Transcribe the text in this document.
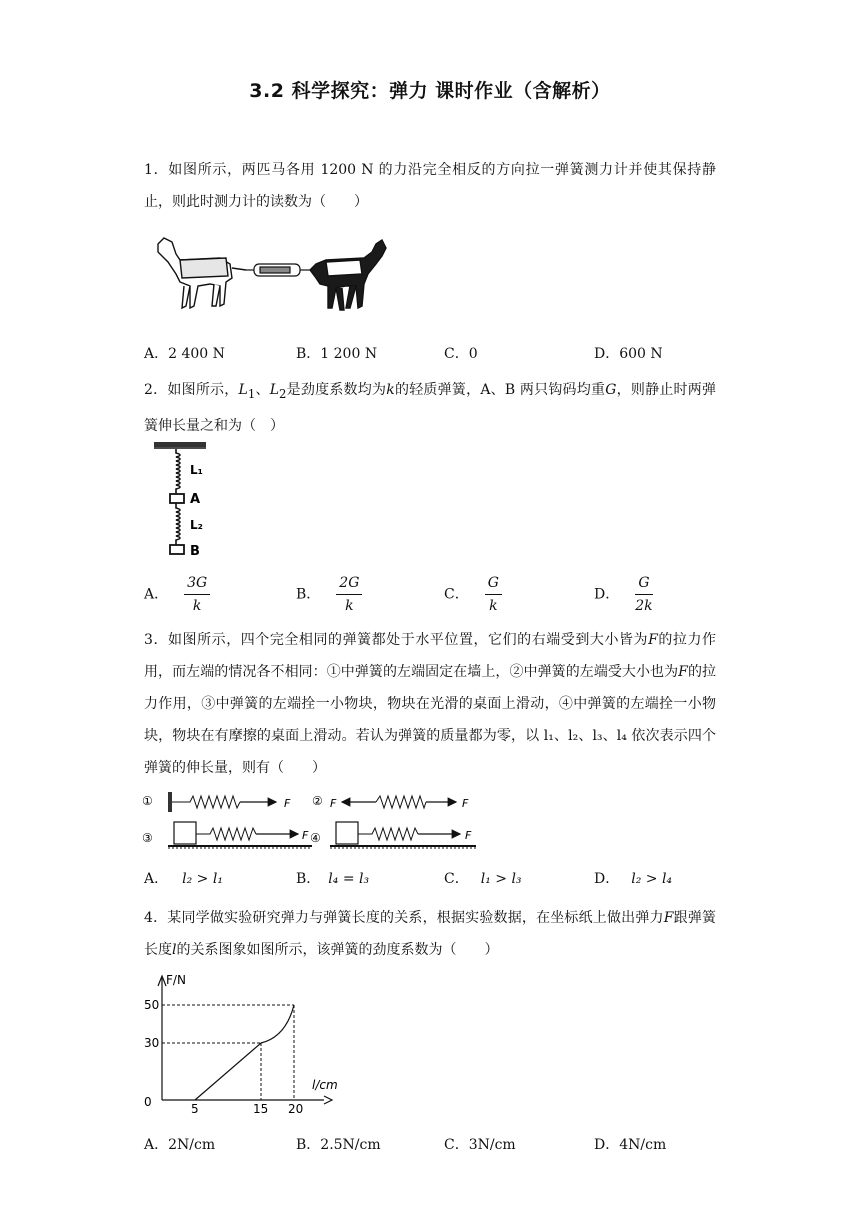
3.2 科学探究：弹力 课时作业（含解析）
1．如图所示，两匹马各用 1200 N 的力沿完全相反的方向拉一弹簧测力计并使其保持静止，则此时测力计的读数为（　　）
A．2 400 N	B．1 200 N	C．0	D．600 N
2．如图所示，$L_1$、$L_2$是劲度系数均为k的轻质弹簧，A、B 两只钩码均重G，则静止时两弹簧伸长量之和为（　）
L₁
A
L₂
B
A． $\frac{3G}{k}$	B． $\frac{2G}{k}$	C． $\frac{G}{k}$	D． $\frac{G}{2k}$
3．如图所示，四个完全相同的弹簧都处于水平位置，它们的右端受到大小皆为F的拉力作用，而左端的情况各不相同：①中弹簧的左端固定在墙上，②中弹簧的左端受大小也为F的拉力作用，③中弹簧的左端拴一小物块，物块在光滑的桌面上滑动，④中弹簧的左端拴一小物块，物块在有摩擦的桌面上滑动。若认为弹簧的质量都为零，以 l₁、l₂、l₃、l₄ 依次表示四个弹簧的伸长量，则有（　　）
①	F ② F	F
③	F ④	F
A． l₂ > l₁	B． l₄ = l₃	C． l₁ > l₃	D． l₂ > l₄
4．某同学做实验研究弹力与弹簧长度的关系，根据实验数据，在坐标纸上做出弹力F跟弹簧长度l的关系图象如图所示，该弹簧的劲度系数为（　　）
F/N
l/cm
0
30
50
5	15 20
A．2N/cm	B．2.5N/cm	C．3N/cm	D．4N/cm
